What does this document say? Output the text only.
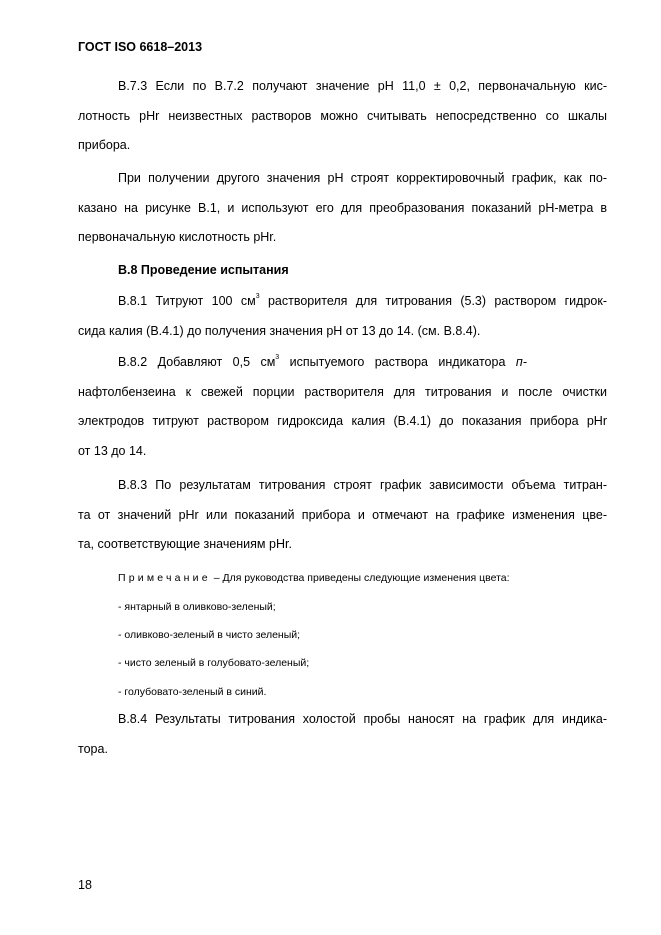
ГОСТ ISO 6618–2013
В.7.3 Если по В.7.2 получают значение pH 11,0 ± 0,2, первоначальную кис-
лотность pHr неизвестных растворов можно считывать непосредственно со шкалы
прибора.
При получении другого значения pH строят корректировочный график, как по-
казано на рисунке В.1, и используют его для преобразования показаний pH-метра в
первоначальную кислотность pHr.
В.8 Проведение испытания
В.8.1 Титруют 100 $см^3$ растворителя для титрования (5.3) раствором гидрок-
сида калия (В.4.1) до получения значения pH от 13 до 14. (см. В.8.4).
В.8.2   Добавляют   0,5   $см^3$   испытуемого   раствора   индикатора   п-
нафтолбензеина к свежей порции растворителя для титрования и после очистки
электродов титруют раствором гидроксида калия (В.4.1) до показания прибора pHr
от 13 до 14.
В.8.3 По результатам титрования строят график зависимости объема титран-
та от значений pHr или показаний прибора и отмечают на графике изменения цве-
та, соответствующие значениям pHr.
Примечание – Для руководства приведены следующие изменения цвета:
- янтарный в оливково-зеленый;
- оливково-зеленый в чисто зеленый;
- чисто зеленый в голубовато-зеленый;
- голубовато-зеленый в синий.
В.8.4 Результаты титрования холостой пробы наносят на график для индика-
тора.
18
